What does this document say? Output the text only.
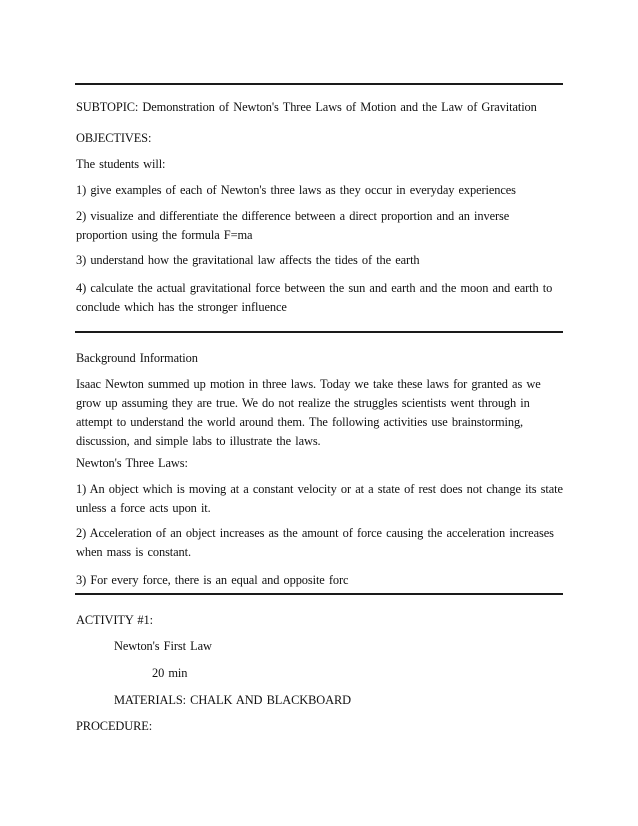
SUBTOPIC: Demonstration of Newton's Three Laws of Motion and the Law of Gravitation
OBJECTIVES:
The students will:
1) give examples of each of Newton's three laws as they occur in everyday experiences
2) visualize and differentiate the difference between a direct proportion and an inverse
proportion using the formula F=ma
3) understand how the gravitational law affects the tides of the earth
4) calculate the actual gravitational force between the sun and earth and the moon and earth to
conclude which has the stronger influence
Background Information
Isaac Newton summed up motion in three laws. Today we take these laws for granted as we
grow up assuming they are true. We do not realize the struggles scientists went through in
attempt to understand the world around them. The following activities use brainstorming,
discussion, and simple labs to illustrate the laws.
Newton's Three Laws:
1) An object which is moving at a constant velocity or at a state of rest does not change its state
unless a force acts upon it.
2) Acceleration of an object increases as the amount of force causing the acceleration increases
when mass is constant.
3) For every force, there is an equal and opposite forc
ACTIVITY #1:
Newton's First Law
20 min
MATERIALS: CHALK AND BLACKBOARD
PROCEDURE:
